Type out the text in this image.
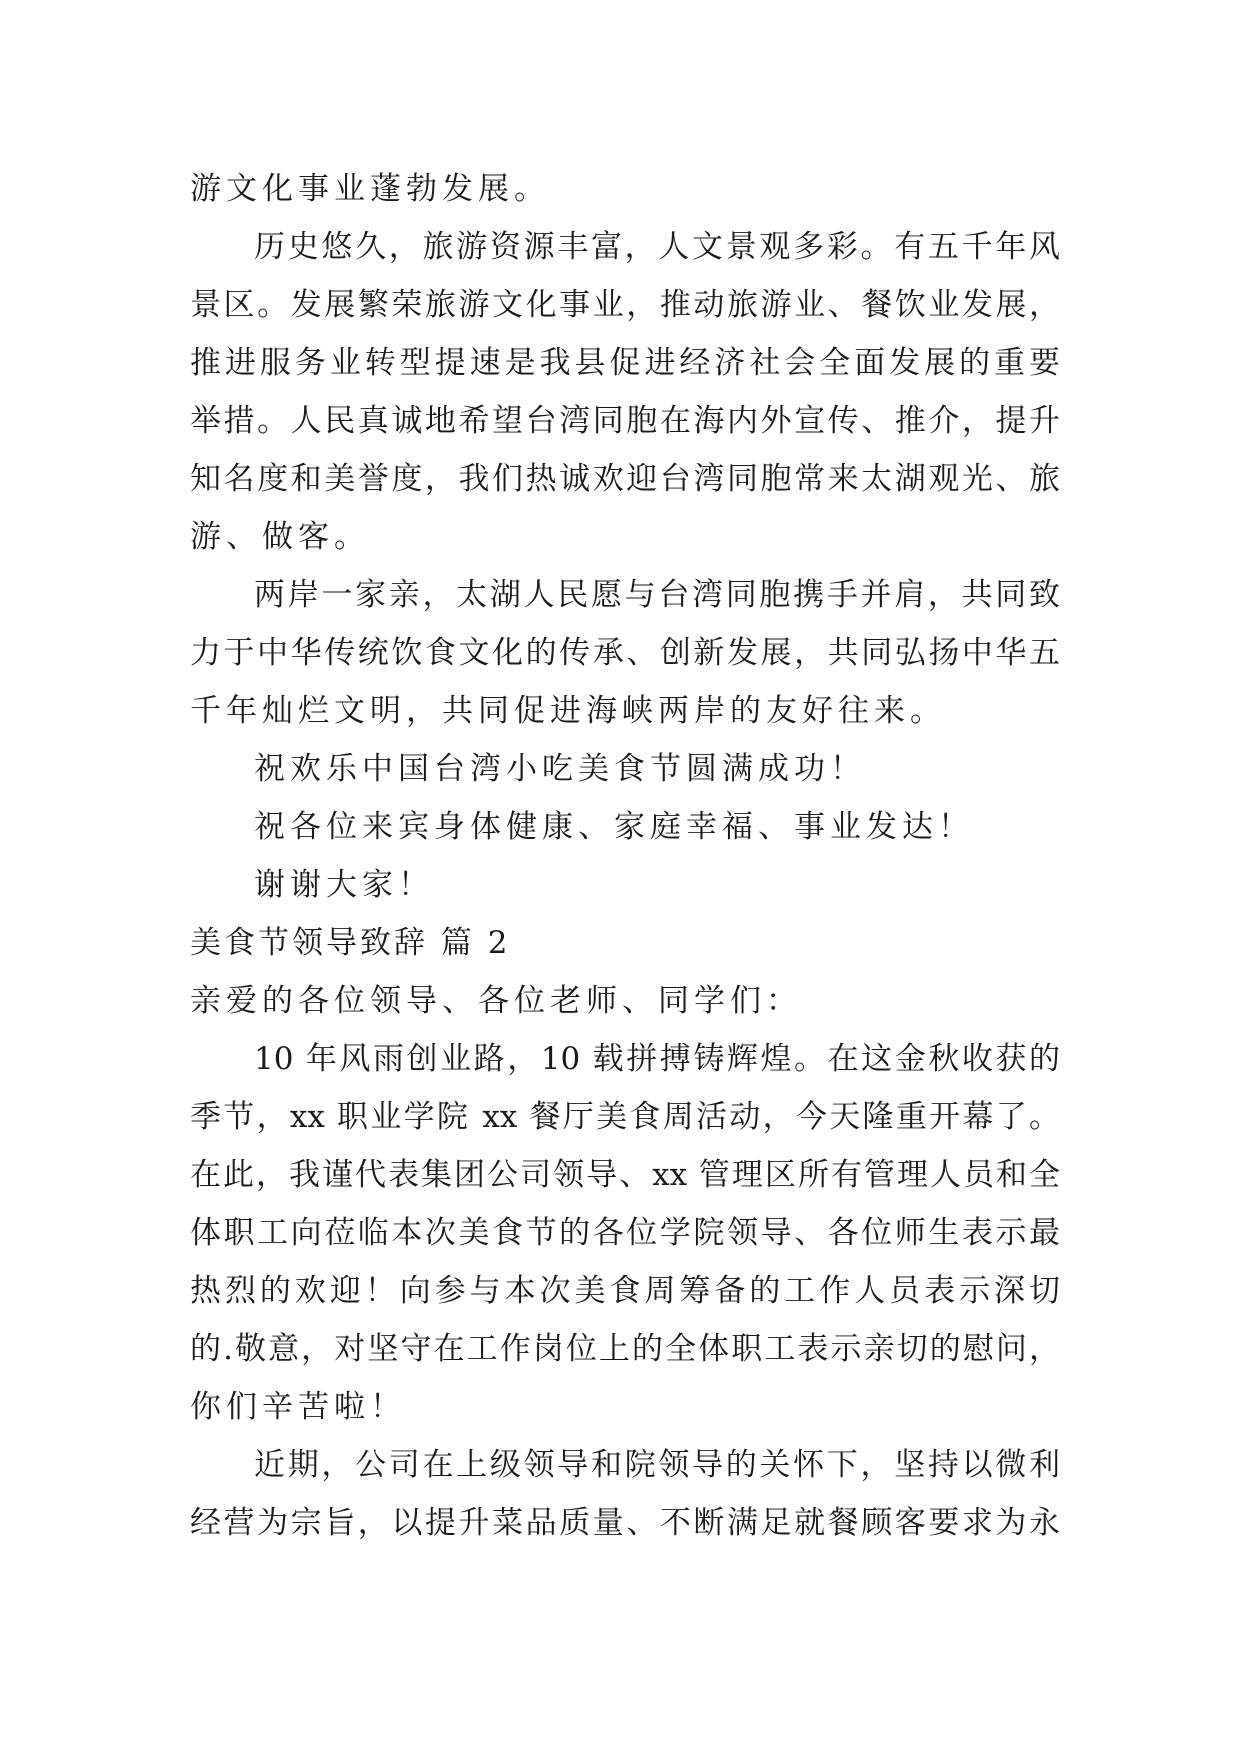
游文化事业蓬勃发展。
历史悠久，旅游资源丰富，人文景观多彩。有五千年风
景区。发展繁荣旅游文化事业，推动旅游业、餐饮业发展，
推进服务业转型提速是我县促进经济社会全面发展的重要
举措。人民真诚地希望台湾同胞在海内外宣传、推介，提升
知名度和美誉度，我们热诚欢迎台湾同胞常来太湖观光、旅
游、做客。
两岸一家亲，太湖人民愿与台湾同胞携手并肩，共同致
力于中华传统饮食文化的传承、创新发展，共同弘扬中华五
千年灿烂文明，共同促进海峡两岸的友好往来。
祝欢乐中国台湾小吃美食节圆满成功！
祝各位来宾身体健康、家庭幸福、事业发达！
谢谢大家！
美食节领导致辞 篇 2
亲爱的各位领导、各位老师、同学们：
10 年风雨创业路，10 载拼搏铸辉煌。在这金秋收获的
季节，xx 职业学院 xx 餐厅美食周活动，今天隆重开幕了。
在此，我谨代表集团公司领导、xx 管理区所有管理人员和全
体职工向莅临本次美食节的各位学院领导、各位师生表示最
热烈的欢迎！向参与本次美食周筹备的工作人员表示深切
的.敬意，对坚守在工作岗位上的全体职工表示亲切的慰问，
你们辛苦啦！
近期，公司在上级领导和院领导的关怀下，坚持以微利
经营为宗旨，以提升菜品质量、不断满足就餐顾客要求为永
